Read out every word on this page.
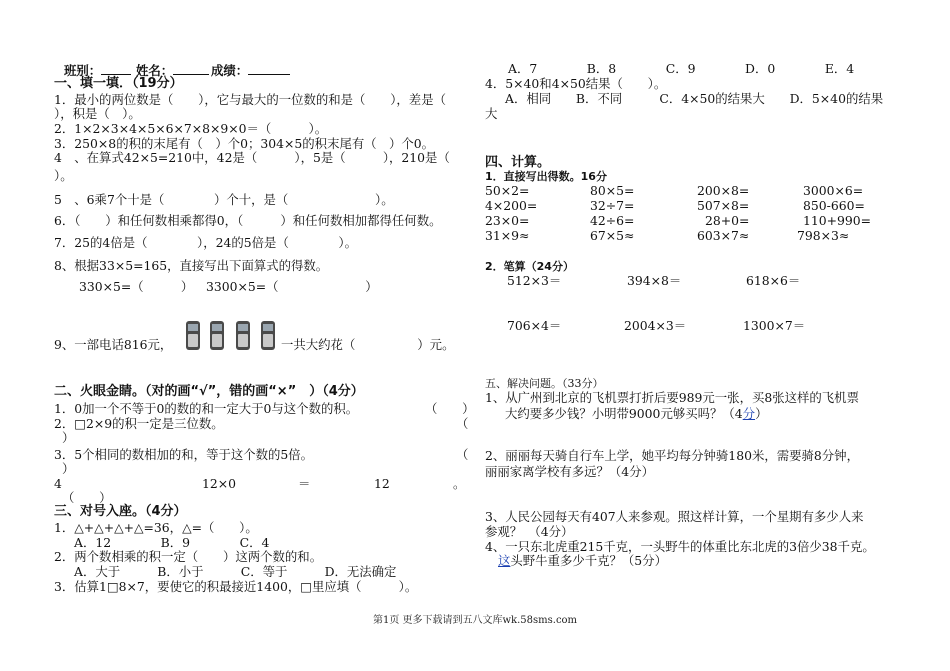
班别：	姓名：	成绩：
一、填一填．（19分）
1．最小的两位数是（　　），它与最大的一位数的和是（　　），差是（
），积是（　）。
2．1×2×3×4×5×6×7×8×9×0＝（　　　）。
3．250×8的积的末尾有（　）个0；304×5的积末尾有（　）个0。
4　、在算式42×5=210中，42是（　　　），5是（　　　），210是（
）。
5　、6乘7个十是（　　　　）个十，是（　　　　　　　）。
6．（　　）和任何数相乘都得0，（　　　）和任何数相加都得任何数。
7．25的4倍是（　　　　），24的5倍是（　　　　）。
8、根据33×5=165，直接写出下面算式的得数。
330×5=（　　　） 3300×5=（　　　　　　　）
9、一部电话816元，	一共大约花（　　　　　）元。
二、火眼金睛。（对的画“√”，错的画“×”　）（4分）
1．0加一个不等于0的数的和一定大于0与这个数的积。	（　　）
2．□2×9的积一定是三位数。	（
）
3．5个相同的数相加的和，等于这个数的5倍。	（
）
4	12×0	＝	12	。
（　　）
三、对号入座。（4分）
1．△+△+△+△=36，△=（　　）。
A．12　　　　B．9　　　　C．4
2．两个数相乘的积一定（　　）这两个数的和。
A．大于　　　B．小于　　　C．等于　　　D．无法确定
3．估算1□8×7，要使它的积最接近1400，□里应填（　　　）。
A．7　　　　B．8　　　　C．9　　　　D．0　　　　E．4
4．5×40和4×50结果（　　）。
A．相同　　B．不同　　　C．4×50的结果大　　D．5×40的结果
大
四、计算。
1．直接写出得数。16分
50×2=	80×5=	200×8=	3000×6=
4×200=	32÷7=	507×8=	850-660=
23×0=	42÷6=	28+0=	110+990=
31×9≈	67×5≈	603×7≈	798×3≈
2．笔算（24分）
512×3＝	394×8＝	618×6＝
706×4＝	2004×3＝	1300×7＝
五、解决问题。（33分）
1、从广州到北京的飞机票打折后要989元一张，买8张这样的飞机票
大约要多少钱？小明带9000元够买吗？（4分）
2、丽丽每天骑自行车上学，她平均每分钟骑180米，需要骑8分钟，
丽丽家离学校有多远？（4分）
3、人民公园每天有407人来参观。照这样计算，一个星期有多少人来
参观？　（4分）
4、一只东北虎重215千克，一头野牛的体重比东北虎的3倍少38千克。
这头野牛重多少千克？（5分）
第1页 更多下载请到五八文库wk.58sms.com
